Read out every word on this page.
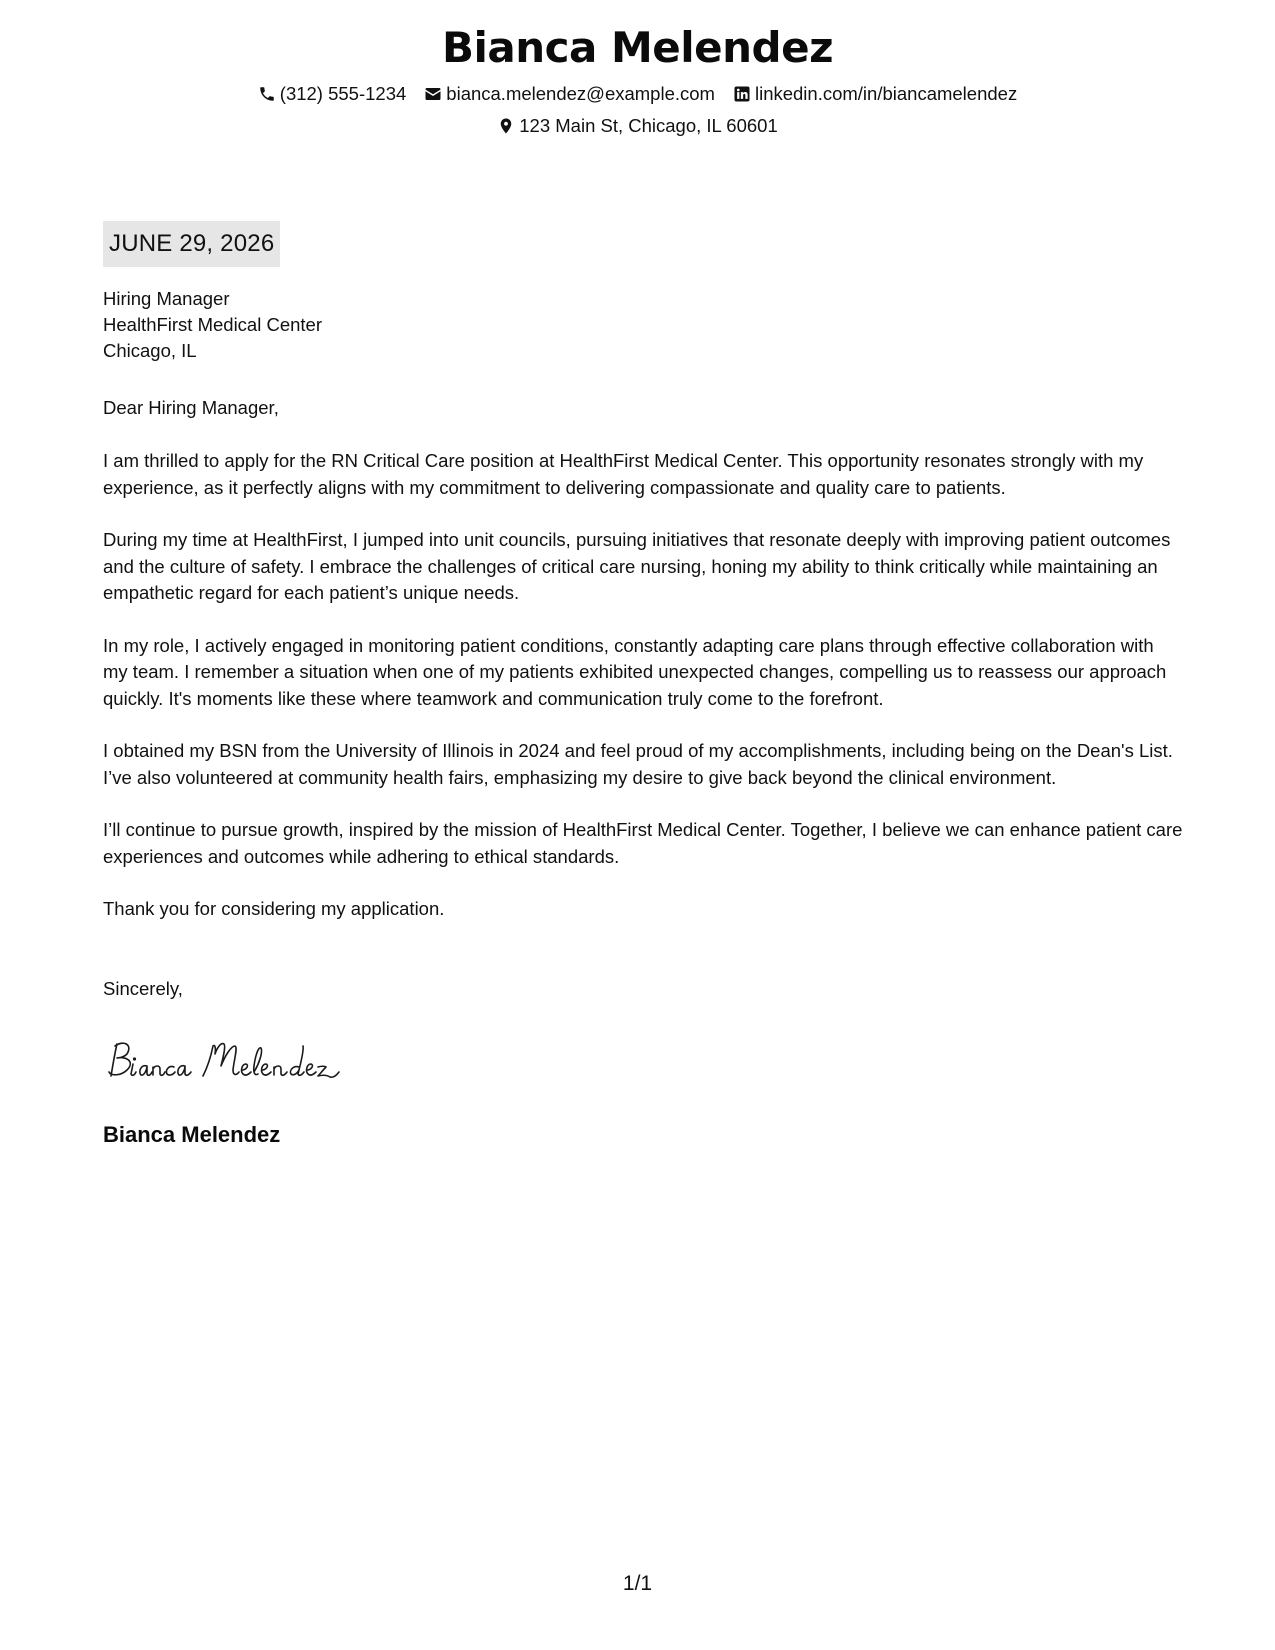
Bianca Melendez
(312) 555-1234 bianca.melendez@example.com linkedin.com/in/biancamelendez
123 Main St, Chicago, IL 60601
JUNE 29, 2026
Hiring Manager
HealthFirst Medical Center
Chicago, IL
Dear Hiring Manager,

I am thrilled to apply for the RN Critical Care position at HealthFirst Medical Center. This opportunity resonates strongly with my experience, as it perfectly aligns with my commitment to delivering compassionate and quality care to patients.

During my time at HealthFirst, I jumped into unit councils, pursuing initiatives that resonate deeply with improving patient outcomes and the culture of safety. I embrace the challenges of critical care nursing, honing my ability to think critically while maintaining an empathetic regard for each patient’s unique needs.

In my role, I actively engaged in monitoring patient conditions, constantly adapting care plans through effective collaboration with my team. I remember a situation when one of my patients exhibited unexpected changes, compelling us to reassess our approach quickly. It's moments like these where teamwork and communication truly come to the forefront.

I obtained my BSN from the University of Illinois in 2024 and feel proud of my accomplishments, including being on the Dean's List. I’ve also volunteered at community health fairs, emphasizing my desire to give back beyond the clinical environment.

I’ll continue to pursue growth, inspired by the mission of HealthFirst Medical Center. Together, I believe we can enhance patient care experiences and outcomes while adhering to ethical standards.

Thank you for considering my application.

Sincerely,
Bianca Melendez
1/1
